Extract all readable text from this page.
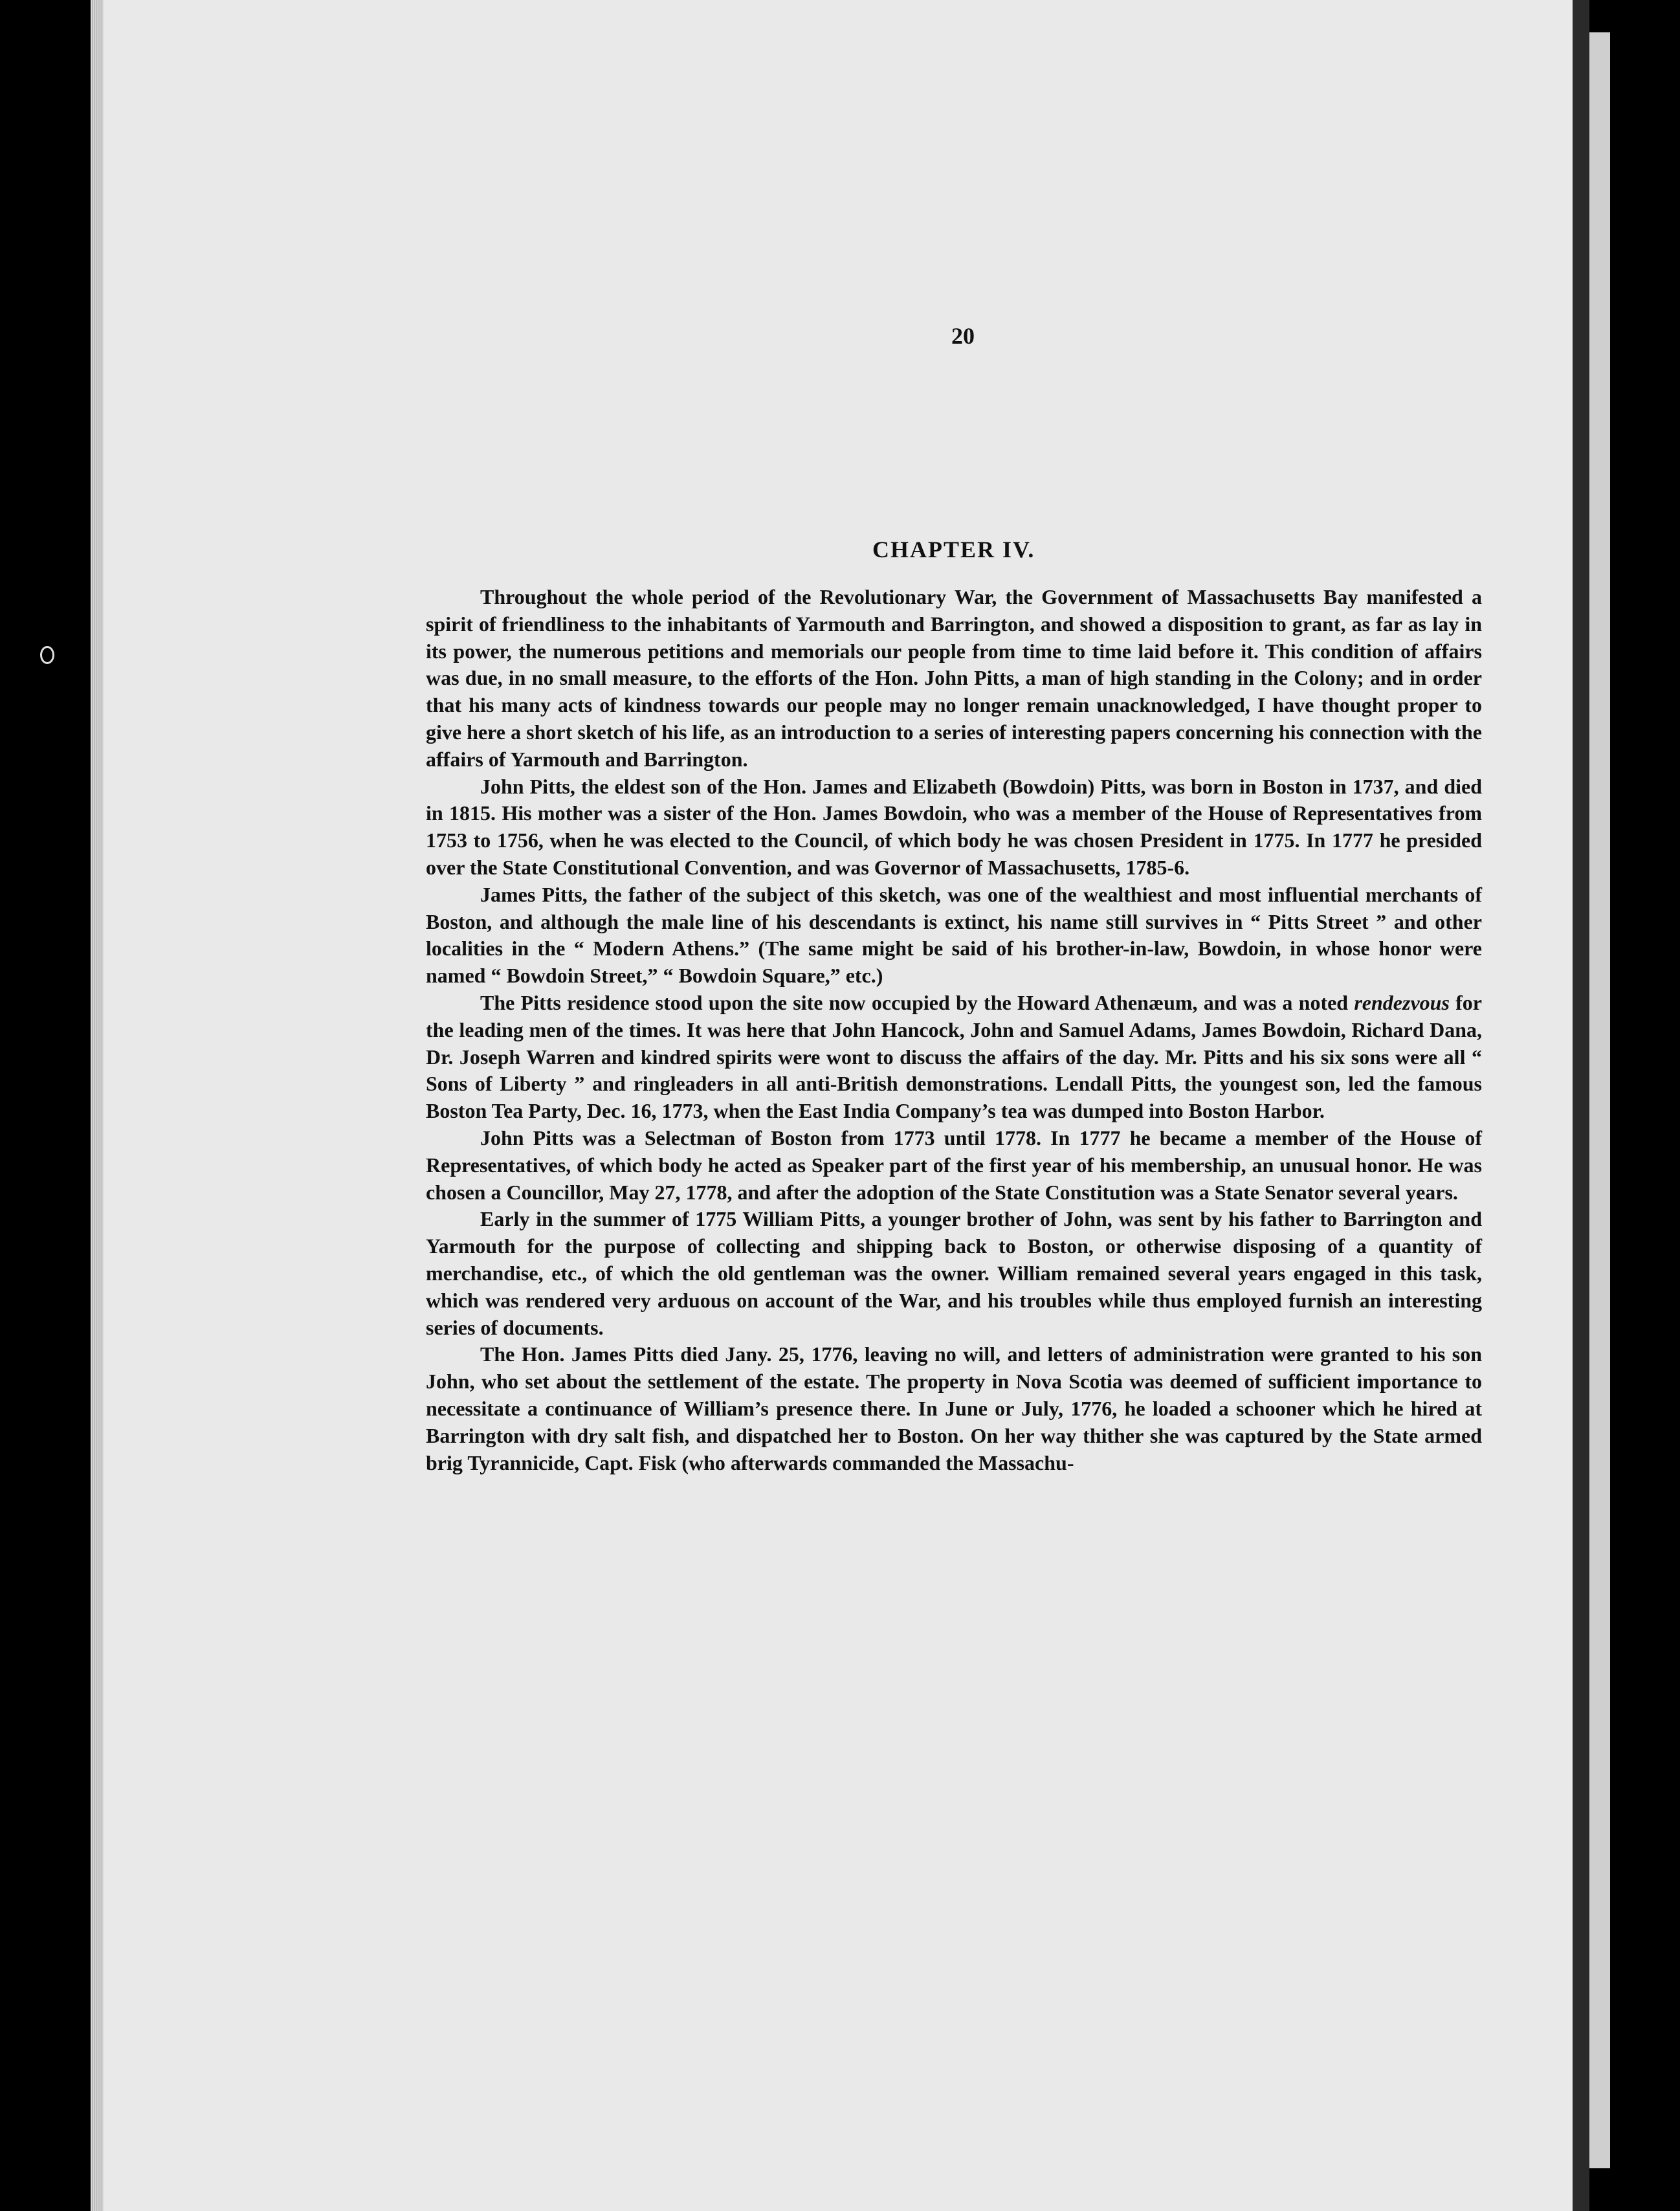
20
CHAPTER IV.

Throughout the whole period of the Revolutionary War, the Government of Massachusetts Bay manifested a spirit of friendliness to the inhabitants of Yarmouth and Barrington, and showed a disposition to grant, as far as lay in its power, the numerous petitions and memorials our people from time to time laid before it. This condition of affairs was due, in no small measure, to the efforts of the Hon. John Pitts, a man of high standing in the Colony; and in order that his many acts of kindness towards our people may no longer remain unacknowledged, I have thought proper to give here a short sketch of his life, as an introduction to a series of interesting papers concerning his connection with the affairs of Yarmouth and Barrington.

John Pitts, the eldest son of the Hon. James and Elizabeth (Bowdoin) Pitts, was born in Boston in 1737, and died in 1815. His mother was a sister of the Hon. James Bowdoin, who was a member of the House of Representatives from 1753 to 1756, when he was elected to the Council, of which body he was chosen President in 1775. In 1777 he presided over the State Constitutional Convention, and was Governor of Massachusetts, 1785-6.

James Pitts, the father of the subject of this sketch, was one of the wealthiest and most influential merchants of Boston, and although the male line of his descendants is extinct, his name still survives in “ Pitts Street ” and other localities in the “ Modern Athens.” (The same might be said of his brother-in-law, Bowdoin, in whose honor were named “ Bowdoin Street,” “ Bowdoin Square,” etc.)

The Pitts residence stood upon the site now occupied by the Howard Athenæum, and was a noted rendezvous for the leading men of the times. It was here that John Hancock, John and Samuel Adams, James Bowdoin, Richard Dana, Dr. Joseph Warren and kindred spirits were wont to discuss the affairs of the day. Mr. Pitts and his six sons were all “ Sons of Liberty ” and ringleaders in all anti-British demonstrations. Lendall Pitts, the youngest son, led the famous Boston Tea Party, Dec. 16, 1773, when the East India Company’s tea was dumped into Boston Harbor.

John Pitts was a Selectman of Boston from 1773 until 1778. In 1777 he became a member of the House of Representatives, of which body he acted as Speaker part of the first year of his membership, an unusual honor. He was chosen a Councillor, May 27, 1778, and after the adoption of the State Constitution was a State Senator several years.

Early in the summer of 1775 William Pitts, a younger brother of John, was sent by his father to Barrington and Yarmouth for the purpose of collecting and shipping back to Boston, or otherwise disposing of a quantity of merchandise, etc., of which the old gentleman was the owner. William remained several years engaged in this task, which was rendered very arduous on account of the War, and his troubles while thus employed furnish an interesting series of documents.

The Hon. James Pitts died Jany. 25, 1776, leaving no will, and letters of administration were granted to his son John, who set about the settlement of the estate. The property in Nova Scotia was deemed of sufficient importance to necessitate a continuance of William’s presence there. In June or July, 1776, he loaded a schooner which he hired at Barrington with dry salt fish, and dispatched her to Boston. On her way thither she was captured by the State armed brig Tyrannicide, Capt. Fisk (who afterwards commanded the Massachu-
